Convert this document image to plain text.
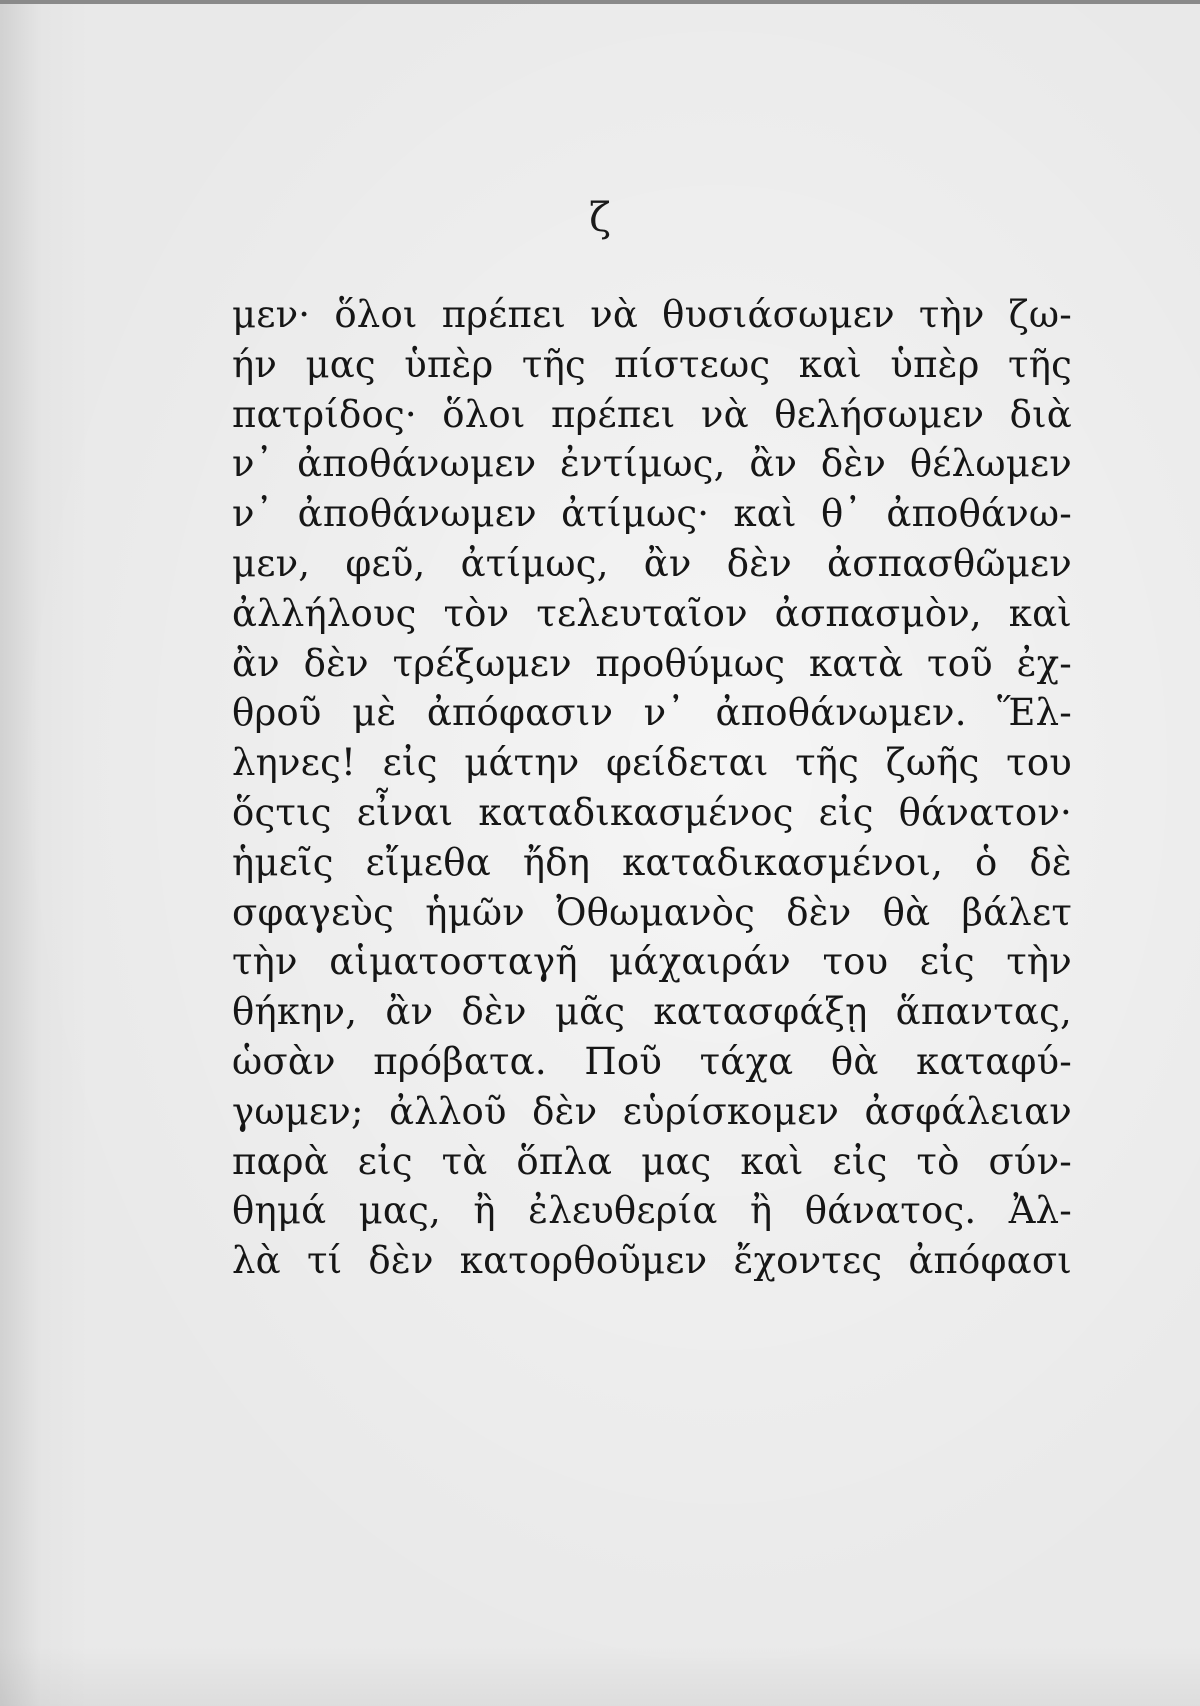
ζ
μεν· ὅλοι πρέπει νὰ θυσιάσωμεν τὴν ζω-
ήν μας ὑπὲρ τῆς πίστεως καὶ ὑπὲρ τῆς
πατρίδος· ὅλοι πρέπει νὰ θελήσωμεν διὰ
ν᾿ ἀποθάνωμεν ἐντίμως, ἂν δὲν θέλωμεν
ν᾿ ἀποθάνωμεν ἀτίμως· καὶ θ᾿ ἀποθάνω-
μεν, φεῦ, ἀτίμως, ἂν δὲν ἀσπασθῶμεν
ἀλλήλους τὸν τελευταῖον ἀσπασμὸν, καὶ
ἂν δὲν τρέξωμεν προθύμως κατὰ τοῦ ἐχ-
θροῦ μὲ ἀπόφασιν ν᾿ ἀποθάνωμεν. Ἕλ-
ληνες! εἰς μάτην φείδεται τῆς ζωῆς του
ὅςτις εἶναι καταδικασμένος εἰς θάνατον·
ἡμεῖς εἴμεθα ἤδη καταδικασμένοι, ὁ δὲ
σφαγεὺς ἡμῶν Ὀθωμανὸς δὲν θὰ βάλετ
τὴν αἱματοσταγῆ μάχαιράν του εἰς τὴν
θήκην, ἂν δὲν μᾶς κατασφάξῃ ἅπαντας,
ὡσὰν πρόβατα. Ποῦ τάχα θὰ καταφύ-
γωμεν; ἀλλοῦ δὲν εὑρίσκομεν ἀσφάλειαν
παρὰ εἰς τὰ ὅπλα μας καὶ εἰς τὸ σύν-
θημά μας, ἢ ἐλευθερία ἢ θάνατος. Ἀλ-
λὰ τί δὲν κατορθοῦμεν ἔχοντες ἀπόφασι
